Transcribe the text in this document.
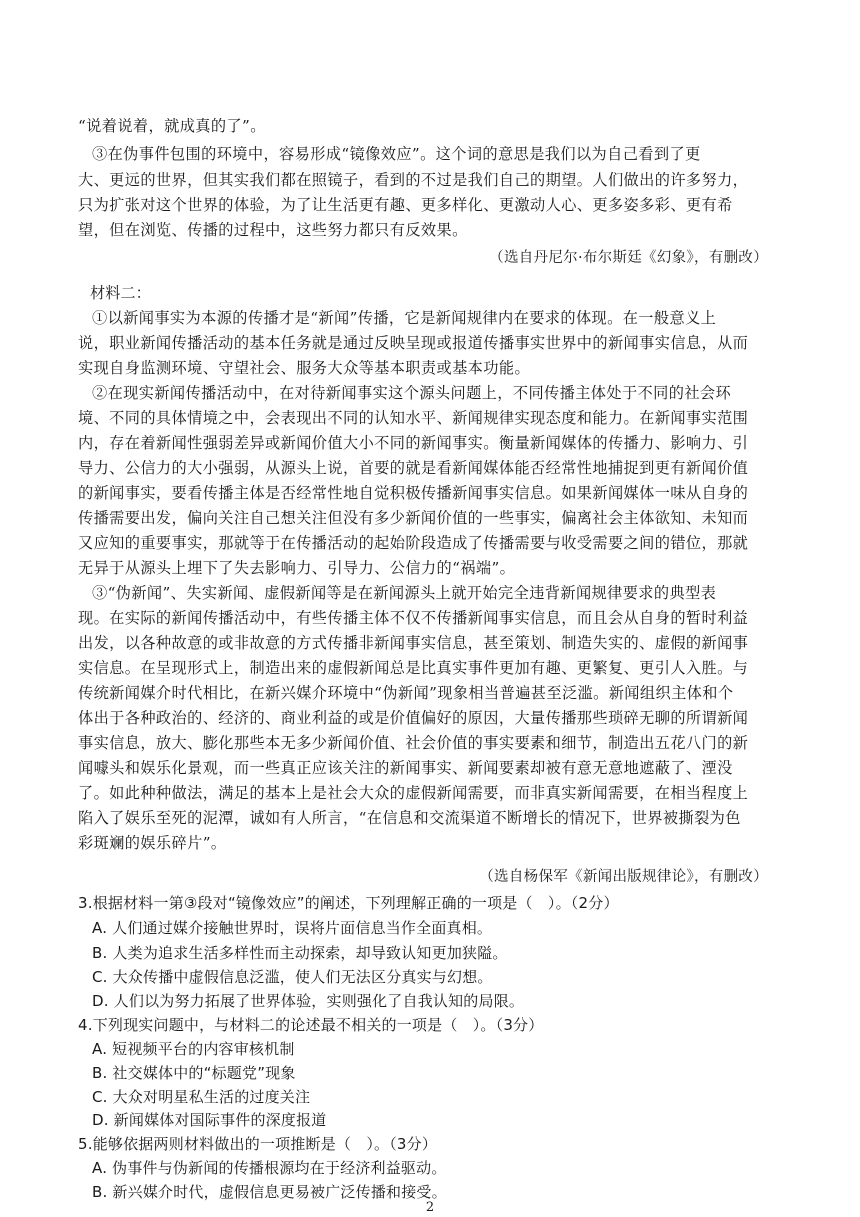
“说着说着，就成真的了”。
③在伪事件包围的环境中，容易形成“镜像效应”。这个词的意思是我们以为自己看到了更
大、更远的世界，但其实我们都在照镜子，看到的不过是我们自己的期望。人们做出的许多努力，
只为扩张对这个世界的体验，为了让生活更有趣、更多样化、更激动人心、更多姿多彩、更有希
望，但在浏览、传播的过程中，这些努力都只有反效果。
（选自丹尼尔·布尔斯廷《幻象》，有删改）
材料二：
①以新闻事实为本源的传播才是“新闻”传播，它是新闻规律内在要求的体现。在一般意义上
说，职业新闻传播活动的基本任务就是通过反映呈现或报道传播事实世界中的新闻事实信息，从而
实现自身监测环境、守望社会、服务大众等基本职责或基本功能。
②在现实新闻传播活动中，在对待新闻事实这个源头问题上，不同传播主体处于不同的社会环
境、不同的具体情境之中，会表现出不同的认知水平、新闻规律实现态度和能力。在新闻事实范围
内，存在着新闻性强弱差异或新闻价值大小不同的新闻事实。衡量新闻媒体的传播力、影响力、引
导力、公信力的大小强弱，从源头上说，首要的就是看新闻媒体能否经常性地捕捉到更有新闻价值
的新闻事实，要看传播主体是否经常性地自觉积极传播新闻事实信息。如果新闻媒体一味从自身的
传播需要出发，偏向关注自己想关注但没有多少新闻价值的一些事实，偏离社会主体欲知、未知而
又应知的重要事实，那就等于在传播活动的起始阶段造成了传播需要与收受需要之间的错位，那就
无异于从源头上埋下了失去影响力、引导力、公信力的“祸端”。
③“伪新闻”、失实新闻、虚假新闻等是在新闻源头上就开始完全违背新闻规律要求的典型表
现。在实际的新闻传播活动中，有些传播主体不仅不传播新闻事实信息，而且会从自身的暂时利益
出发，以各种故意的或非故意的方式传播非新闻事实信息，甚至策划、制造失实的、虚假的新闻事
实信息。在呈现形式上，制造出来的虚假新闻总是比真实事件更加有趣、更繁复、更引人入胜。与
传统新闻媒介时代相比，在新兴媒介环境中“伪新闻”现象相当普遍甚至泛滥。新闻组织主体和个
体出于各种政治的、经济的、商业利益的或是价值偏好的原因，大量传播那些琐碎无聊的所谓新闻
事实信息，放大、膨化那些本无多少新闻价值、社会价值的事实要素和细节，制造出五花八门的新
闻噱头和娱乐化景观，而一些真正应该关注的新闻事实、新闻要素却被有意无意地遮蔽了、湮没
了。如此种种做法，满足的基本上是社会大众的虚假新闻需要，而非真实新闻需要，在相当程度上
陷入了娱乐至死的泥潭，诚如有人所言，“在信息和交流渠道不断增长的情况下，世界被撕裂为色
彩斑斓的娱乐碎片”。
（选自杨保军《新闻出版规律论》，有删改）
3.根据材料一第③段对“镜像效应”的阐述，下列理解正确的一项是（　）。（2分）
A. 人们通过媒介接触世界时，误将片面信息当作全面真相。
B. 人类为追求生活多样性而主动探索，却导致认知更加狭隘。
C. 大众传播中虚假信息泛滥，使人们无法区分真实与幻想。
D. 人们以为努力拓展了世界体验，实则强化了自我认知的局限。
4.下列现实问题中，与材料二的论述最不相关的一项是（　）。（3分）
A. 短视频平台的内容审核机制
B. 社交媒体中的“标题党”现象
C. 大众对明星私生活的过度关注
D. 新闻媒体对国际事件的深度报道
5.能够依据两则材料做出的一项推断是（　）。（3分）
A. 伪事件与伪新闻的传播根源均在于经济利益驱动。
B. 新兴媒介时代，虚假信息更易被广泛传播和接受。
2
